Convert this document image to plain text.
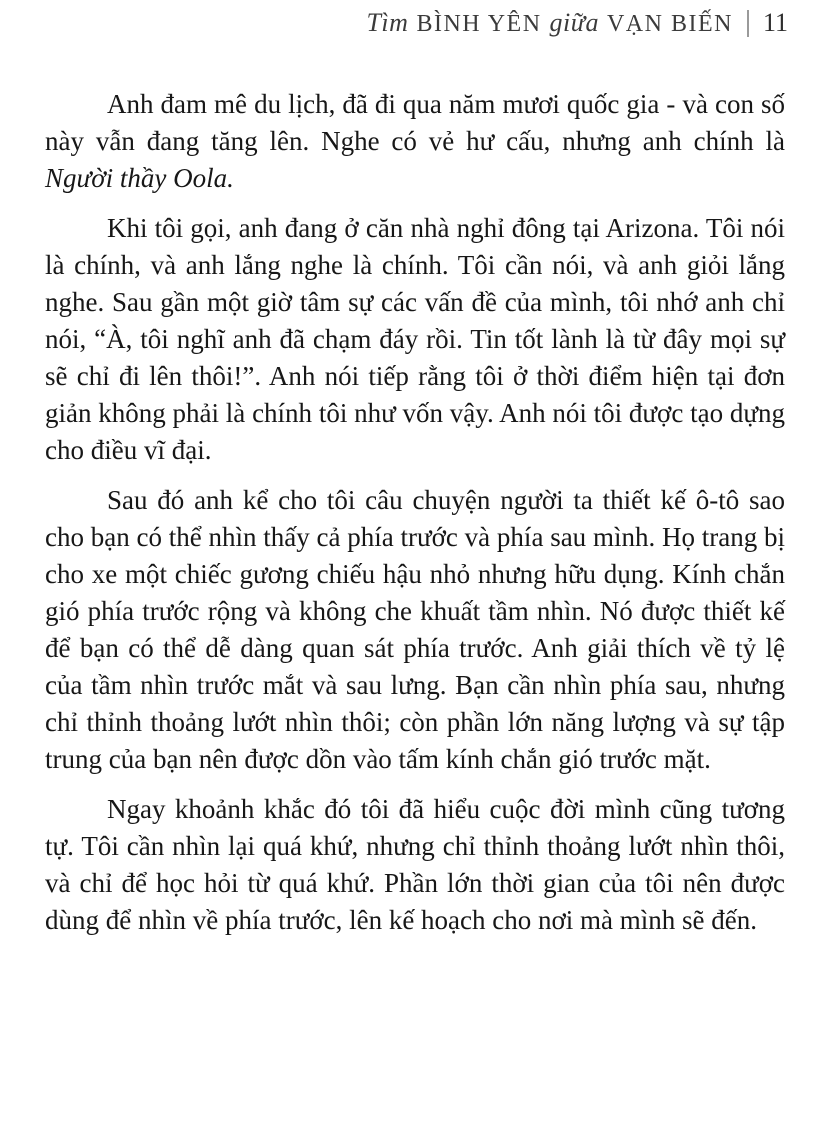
Tìm BÌNH YÊN giữa VẠN BIẾN 11

Anh đam mê du lịch, đã đi qua năm mươi quốc gia - và con số này vẫn đang tăng lên. Nghe có vẻ hư cấu, nhưng anh chính là Người thầy Oola.

Khi tôi gọi, anh đang ở căn nhà nghỉ đông tại Arizona. Tôi nói là chính, và anh lắng nghe là chính. Tôi cần nói, và anh giỏi lắng nghe. Sau gần một giờ tâm sự các vấn đề của mình, tôi nhớ anh chỉ nói, “À, tôi nghĩ anh đã chạm đáy rồi. Tin tốt lành là từ đây mọi sự sẽ chỉ đi lên thôi!”. Anh nói tiếp rằng tôi ở thời điểm hiện tại đơn giản không phải là chính tôi như vốn vậy. Anh nói tôi được tạo dựng cho điều vĩ đại.

Sau đó anh kể cho tôi câu chuyện người ta thiết kế ô-tô sao cho bạn có thể nhìn thấy cả phía trước và phía sau mình. Họ trang bị cho xe một chiếc gương chiếu hậu nhỏ nhưng hữu dụng. Kính chắn gió phía trước rộng và không che khuất tầm nhìn. Nó được thiết kế để bạn có thể dễ dàng quan sát phía trước. Anh giải thích về tỷ lệ của tầm nhìn trước mắt và sau lưng. Bạn cần nhìn phía sau, nhưng chỉ thỉnh thoảng lướt nhìn thôi; còn phần lớn năng lượng và sự tập trung của bạn nên được dồn vào tấm kính chắn gió trước mặt.

Ngay khoảnh khắc đó tôi đã hiểu cuộc đời mình cũng tương tự. Tôi cần nhìn lại quá khứ, nhưng chỉ thỉnh thoảng lướt nhìn thôi, và chỉ để học hỏi từ quá khứ. Phần lớn thời gian của tôi nên được dùng để nhìn về phía trước, lên kế hoạch cho nơi mà mình sẽ đến.
